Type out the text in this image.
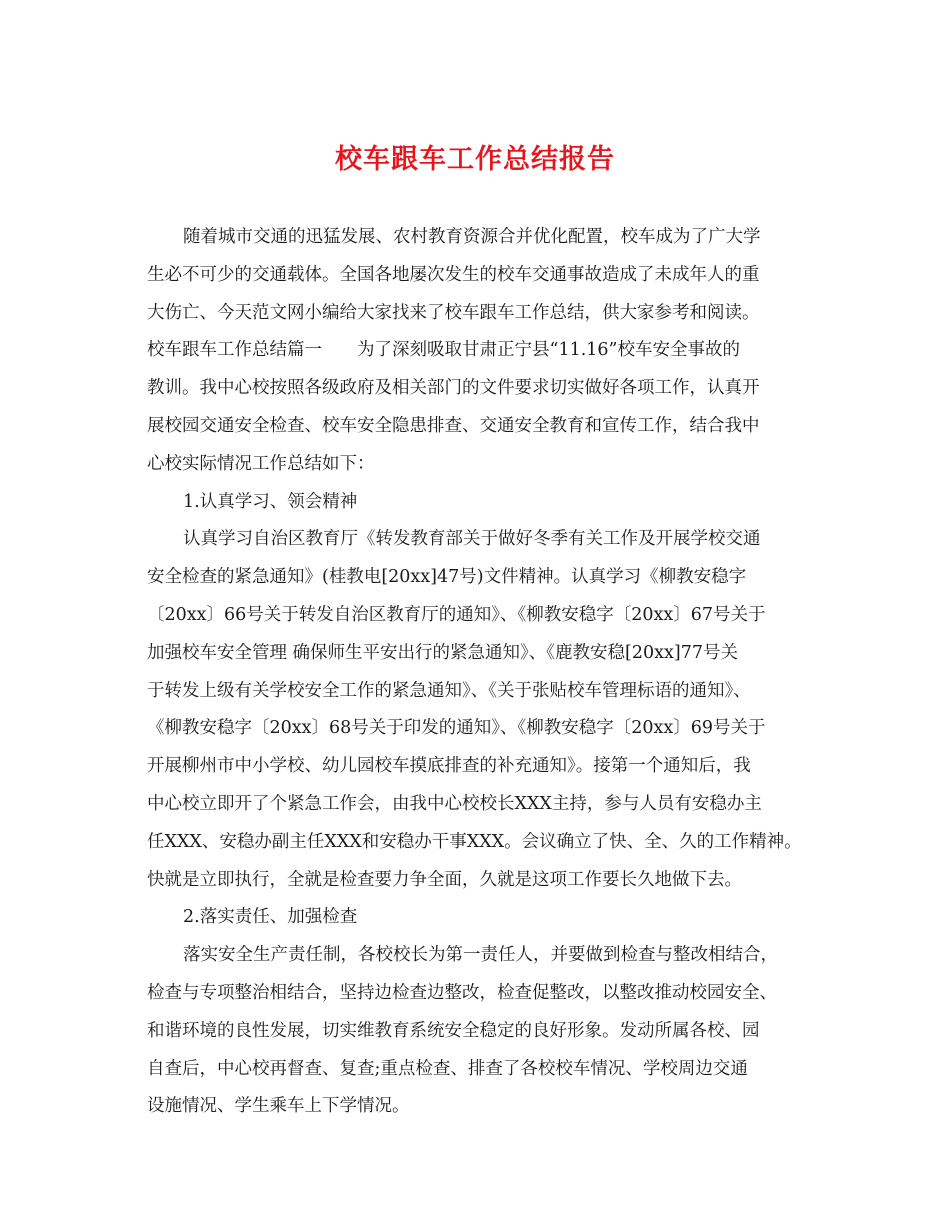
校车跟车工作总结报告
随着城市交通的迅猛发展、农村教育资源合并优化配置，校车成为了广大学
生必不可少的交通载体。全国各地屡次发生的校车交通事故造成了未成年人的重
大伤亡、今天范文网小编给大家找来了校车跟车工作总结，供大家参考和阅读。
校车跟车工作总结篇一　　为了深刻吸取甘肃正宁县“11.16”校车安全事故的
教训。我中心校按照各级政府及相关部门的文件要求切实做好各项工作，认真开
展校园交通安全检查、校车安全隐患排查、交通安全教育和宣传工作，结合我中
心校实际情况工作总结如下：
1.认真学习、领会精神
认真学习自治区教育厅《转发教育部关于做好冬季有关工作及开展学校交通
安全检查的紧急通知》(桂教电[20xx]47号)文件精神。认真学习《柳教安稳字
〔20xx〕66号关于转发自治区教育厅的通知》、《柳教安稳字〔20xx〕67号关于
加强校车安全管理 确保师生平安出行的紧急通知》、《鹿教安稳[20xx]77号关
于转发上级有关学校安全工作的紧急通知》、《关于张贴校车管理标语的通知》、
《柳教安稳字〔20xx〕68号关于印发的通知》、《柳教安稳字〔20xx〕69号关于
开展柳州市中小学校、幼儿园校车摸底排查的补充通知》。接第一个通知后，我
中心校立即开了个紧急工作会，由我中心校校长XXX主持，参与人员有安稳办主
任XXX、安稳办副主任XXX和安稳办干事XXX。会议确立了快、全、久的工作精神。
快就是立即执行，全就是检查要力争全面，久就是这项工作要长久地做下去。
2.落实责任、加强检查
落实安全生产责任制，各校校长为第一责任人，并要做到检查与整改相结合，
检查与专项整治相结合，坚持边检查边整改，检查促整改，以整改推动校园安全、
和谐环境的良性发展，切实维教育系统安全稳定的良好形象。发动所属各校、园
自查后，中心校再督查、复查;重点检查、排查了各校校车情况、学校周边交通
设施情况、学生乘车上下学情况。
